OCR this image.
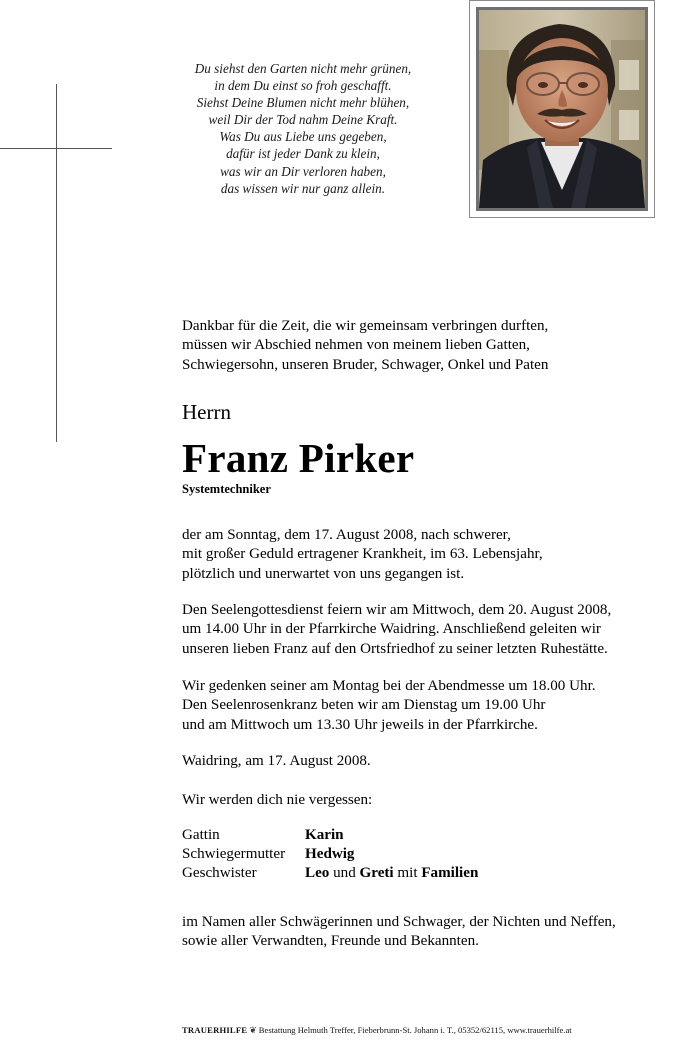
Du siehst den Garten nicht mehr grünen,
in dem Du einst so froh geschafft.
Siehst Deine Blumen nicht mehr blühen,
weil Dir der Tod nahm Deine Kraft.
Was Du aus Liebe uns gegeben,
dafür ist jeder Dank zu klein,
was wir an Dir verloren haben,
das wissen wir nur ganz allein.
Dankbar für die Zeit, die wir gemeinsam verbringen durften,
müssen wir Abschied nehmen von meinem lieben Gatten,
Schwiegersohn, unseren Bruder, Schwager, Onkel und Paten
Herrn
Franz Pirker
Systemtechniker
der am Sonntag, dem 17. August 2008, nach schwerer,
mit großer Geduld ertragener Krankheit, im 63. Lebensjahr,
plötzlich und unerwartet von uns gegangen ist.
Den Seelengottesdienst feiern wir am Mittwoch, dem 20. August 2008,
um 14.00 Uhr in der Pfarrkirche Waidring. Anschließend geleiten wir
unseren lieben Franz auf den Ortsfriedhof zu seiner letzten Ruhestätte.
Wir gedenken seiner am Montag bei der Abendmesse um 18.00 Uhr.
Den Seelenrosenkranz beten wir am Dienstag um 19.00 Uhr
und am Mittwoch um 13.30 Uhr jeweils in der Pfarrkirche.
Waidring, am 17. August 2008.
Wir werden dich nie vergessen:
Gattin	Karin
Schwiegermutter Hedwig
Geschwister	Leo und Greti mit Familien
im Namen aller Schwägerinnen und Schwager, der Nichten und Neffen,
sowie aller Verwandten, Freunde und Bekannten.
TRAUERHILFE ❦ Bestattung Helmuth Treffer, Fieberbrunn-St. Johann i. T., 05352/62115, www.trauerhilfe.at
